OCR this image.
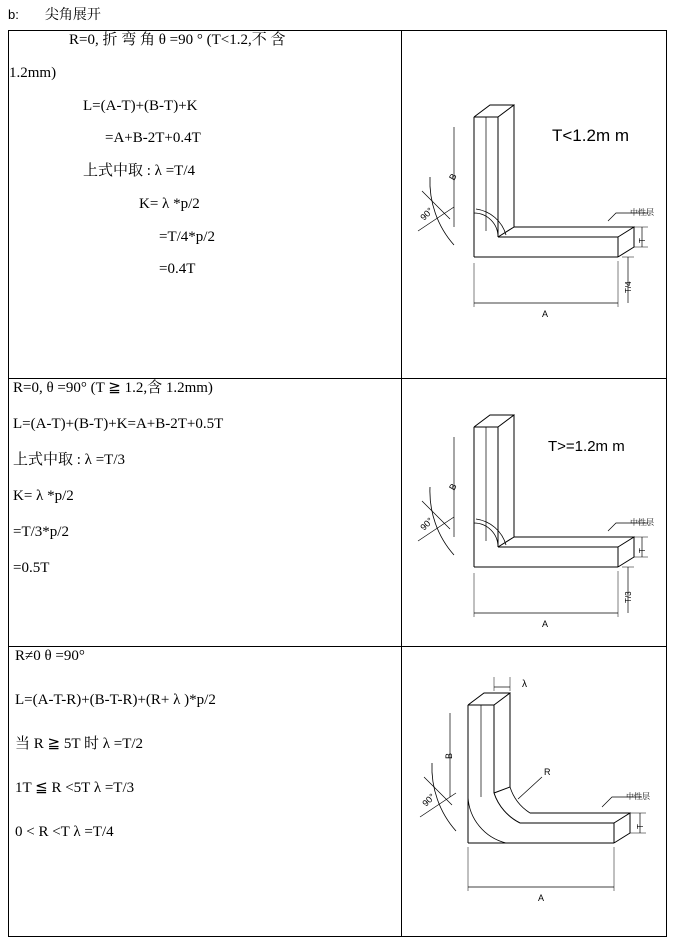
b: 尖角展开

R=0, 折 弯 角 θ =90 ° (T<1.2,不 含

1.2mm)

L=(A-T)+(B-T)+K

=A+B-2T+0.4T

上式中取 : λ =T/4

K= λ *p/2

=T/4*p/2

=0.4T

T<1.2m m
中性层
A
B
T
T/4
90°

R=0, θ =90° (T ≧ 1.2,含 1.2mm)

L=(A-T)+(B-T)+K=A+B-2T+0.5T

上式中取 : λ =T/3

K= λ *p/2

=T/3*p/2

=0.5T

T>=1.2m m
中性层
A
B
T
T/3
90°

R≠0 θ =90°

L=(A-T-R)+(B-T-R)+(R+ λ )*p/2

当 R ≧ 5T 时 λ =T/2

1T ≦ R <5T λ =T/3

0 < R <T λ =T/4

中性层
A
B
T
R
λ
90°
